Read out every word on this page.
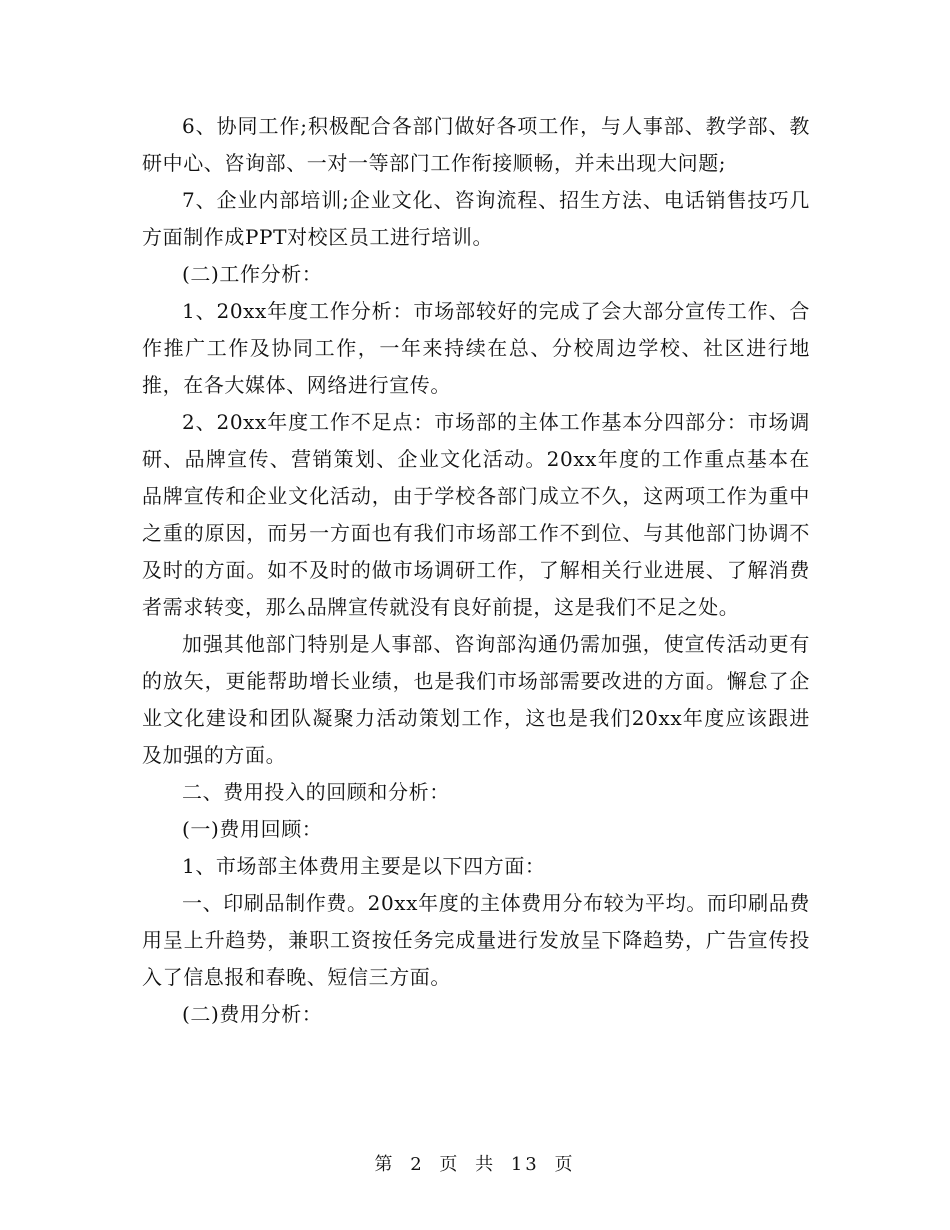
6、协同工作;积极配合各部门做好各项工作，与人事部、教学部、教研中心、咨询部、一对一等部门工作衔接顺畅，并未出现大问题;

7、企业内部培训;企业文化、咨询流程、招生方法、电话销售技巧几方面制作成PPT对校区员工进行培训。

(二)工作分析：

1、20xx年度工作分析：市场部较好的完成了会大部分宣传工作、合作推广工作及协同工作，一年来持续在总、分校周边学校、社区进行地推，在各大媒体、网络进行宣传。

2、20xx年度工作不足点：市场部的主体工作基本分四部分：市场调研、品牌宣传、营销策划、企业文化活动。20xx年度的工作重点基本在品牌宣传和企业文化活动，由于学校各部门成立不久，这两项工作为重中之重的原因，而另一方面也有我们市场部工作不到位、与其他部门协调不及时的方面。如不及时的做市场调研工作，了解相关行业进展、了解消费者需求转变，那么品牌宣传就没有良好前提，这是我们不足之处。

加强其他部门特别是人事部、咨询部沟通仍需加强，使宣传活动更有的放矢，更能帮助增长业绩，也是我们市场部需要改进的方面。懈怠了企业文化建设和团队凝聚力活动策划工作，这也是我们20xx年度应该跟进及加强的方面。

二、费用投入的回顾和分析：

(一)费用回顾：

1、市场部主体费用主要是以下四方面：

一、印刷品制作费。20xx年度的主体费用分布较为平均。而印刷品费用呈上升趋势，兼职工资按任务完成量进行发放呈下降趋势，广告宣传投入了信息报和春晚、短信三方面。

(二)费用分析：

第 2 页 共 13 页
